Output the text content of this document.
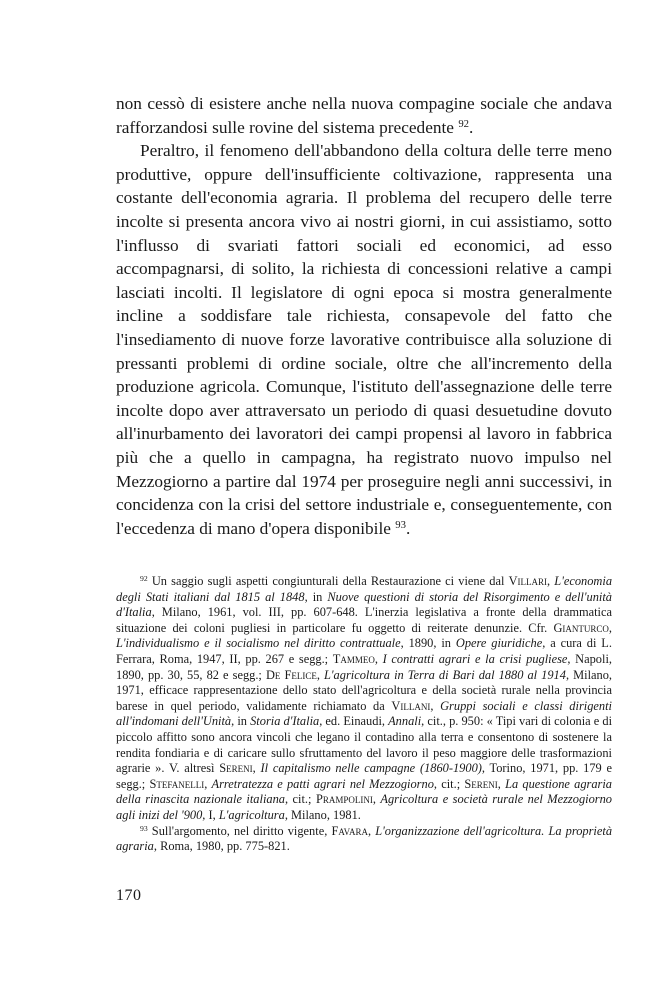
non cessò di esistere anche nella nuova compagine sociale che andava rafforzandosi sulle rovine del sistema precedente $^{92}$.

Peraltro, il fenomeno dell'abbandono della coltura delle terre meno produttive, oppure dell'insufficiente coltivazione, rappresenta una costante dell'economia agraria. Il problema del recupero delle terre incolte si presenta ancora vivo ai nostri giorni, in cui assistiamo, sotto l'influsso di svariati fattori sociali ed economici, ad esso accompagnarsi, di solito, la richiesta di concessioni relative a campi lasciati incolti. Il legislatore di ogni epoca si mostra generalmente incline a soddisfare tale richiesta, consapevole del fatto che l'insediamento di nuove forze lavorative contribuisce alla soluzione di pressanti problemi di ordine sociale, oltre che all'incremento della produzione agricola. Comunque, l'istituto dell'assegnazione delle terre incolte dopo aver attraversato un periodo di quasi desuetudine dovuto all'inurbamento dei lavoratori dei campi propensi al lavoro in fabbrica più che a quello in campagna, ha registrato nuovo impulso nel Mezzogiorno a partire dal 1974 per proseguire negli anni successivi, in concidenza con la crisi del settore industriale e, conseguentemente, con l'eccedenza di mano d'opera disponibile $^{93}$.

$^{92}$ Un saggio sugli aspetti congiunturali della Restaurazione ci viene dal Villari, L'economia degli Stati italiani dal 1815 al 1848, in Nuove questioni di storia del Risorgimento e dell'unità d'Italia, Milano, 1961, vol. III, pp. 607-648. L'inerzia legislativa a fronte della drammatica situazione dei coloni pugliesi in particolare fu oggetto di reiterate denunzie. Cfr. Gianturco, L'individualismo e il socialismo nel diritto contrattuale, 1890, in Opere giuridiche, a cura di L. Ferrara, Roma, 1947, II, pp. 267 e segg.; Tammeo, I contratti agrari e la crisi pugliese, Napoli, 1890, pp. 30, 55, 82 e segg.; De Felice, L'agricoltura in Terra di Bari dal 1880 al 1914, Milano, 1971, efficace rappresentazione dello stato dell'agricoltura e della società rurale nella provincia barese in quel periodo, validamente richiamato da Villani, Gruppi sociali e classi dirigenti all'indomani dell'Unità, in Storia d'Italia, ed. Einaudi, Annali, cit., p. 950: « Tipi vari di colonia e di piccolo affitto sono ancora vincoli che legano il contadino alla terra e consentono di sostenere la rendita fondiaria e di caricare sullo sfruttamento del lavoro il peso maggiore delle trasformazioni agrarie ». V. altresì Sereni, Il capitalismo nelle campagne (1860-1900), Torino, 1971, pp. 179 e segg.; Stefanelli, Arretratezza e patti agrari nel Mezzogiorno, cit.; Sereni, La questione agraria della rinascita nazionale italiana, cit.; Prampolini, Agricoltura e società rurale nel Mezzogiorno agli inizi del '900, I, L'agricoltura, Milano, 1981.

$^{93}$ Sull'argomento, nel diritto vigente, Favara, L'organizzazione dell'agricoltura. La proprietà agraria, Roma, 1980, pp. 775-821.

170
